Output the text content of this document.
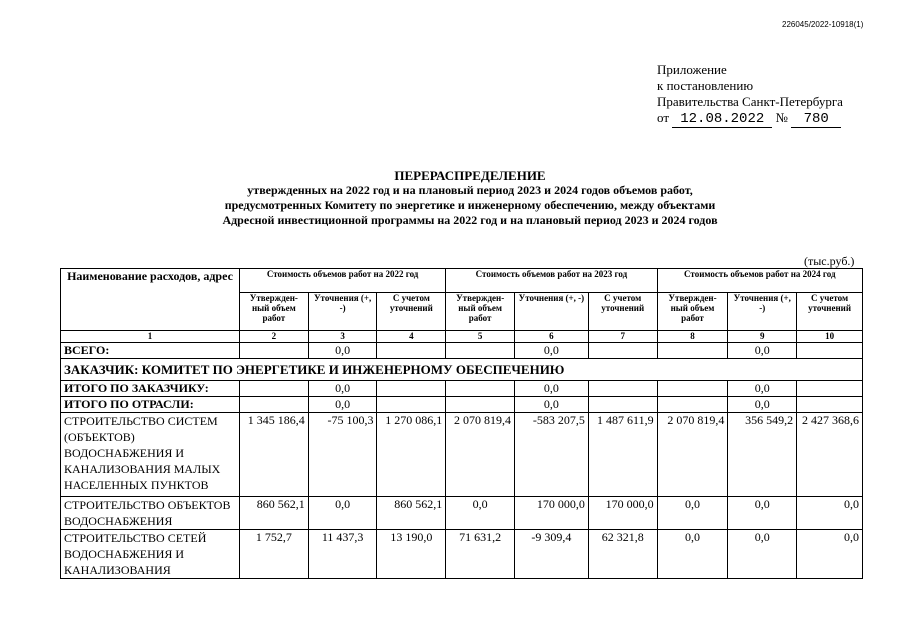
226045/2022-10918(1)
Приложение
к постановлению
Правительства Санкт-Петербурга
от 12.08.2022 № 780
ПЕРЕРАСПРЕДЕЛЕНИЕ
утвержденных на 2022 год и на плановый период 2023 и 2024 годов объемов работ,
предусмотренных Комитету по энергетике и инженерному обеспечению, между объектами
Адресной инвестиционной программы на 2022 год и на плановый период 2023 и 2024 годов
(тыс.руб.)
Наименование расходов, адрес	Стоимость объемов работ на 2022 год			Стоимость объемов работ на 2023 год			Стоимость объемов работ на 2024 год		
	Утвержден-ный объем работ	Уточнения (+, -)	С учетом уточнений	Утвержден-ный объем работ	Уточнения (+, -)	С учетом уточнений	Утвержден-ный объем работ	Уточнения (+, -)	С учетом уточнений
1	2	3	4	5	6	7	8	9	10
ВСЕГО:		0,0			0,0			0,0	
ЗАКАЗЧИК: КОМИТЕТ ПО ЭНЕРГЕТИКЕ И ИНЖЕНЕРНОМУ ОБЕСПЕЧЕНИЮ									
ИТОГО ПО ЗАКАЗЧИКУ:		0,0			0,0			0,0	
ИТОГО ПО ОТРАСЛИ:		0,0			0,0			0,0	
СТРОИТЕЛЬСТВО СИСТЕМ (ОБЪЕКТОВ) ВОДОСНАБЖЕНИЯ И КАНАЛИЗОВАНИЯ МАЛЫХ НАСЕЛЕННЫХ ПУНКТОВ	1 345 186,4	-75 100,3	1 270 086,1	2 070 819,4	-583 207,5	1 487 611,9	2 070 819,4	356 549,2	2 427 368,6
СТРОИТЕЛЬСТВО ОБЪЕКТОВ ВОДОСНАБЖЕНИЯ	860 562,1	0,0	860 562,1	0,0	170 000,0	170 000,0	0,0	0,0	0,0
СТРОИТЕЛЬСТВО СЕТЕЙ ВОДОСНАБЖЕНИЯ И КАНАЛИЗОВАНИЯ	1 752,7	11 437,3	13 190,0	71 631,2	-9 309,4	62 321,8	0,0	0,0	0,0
